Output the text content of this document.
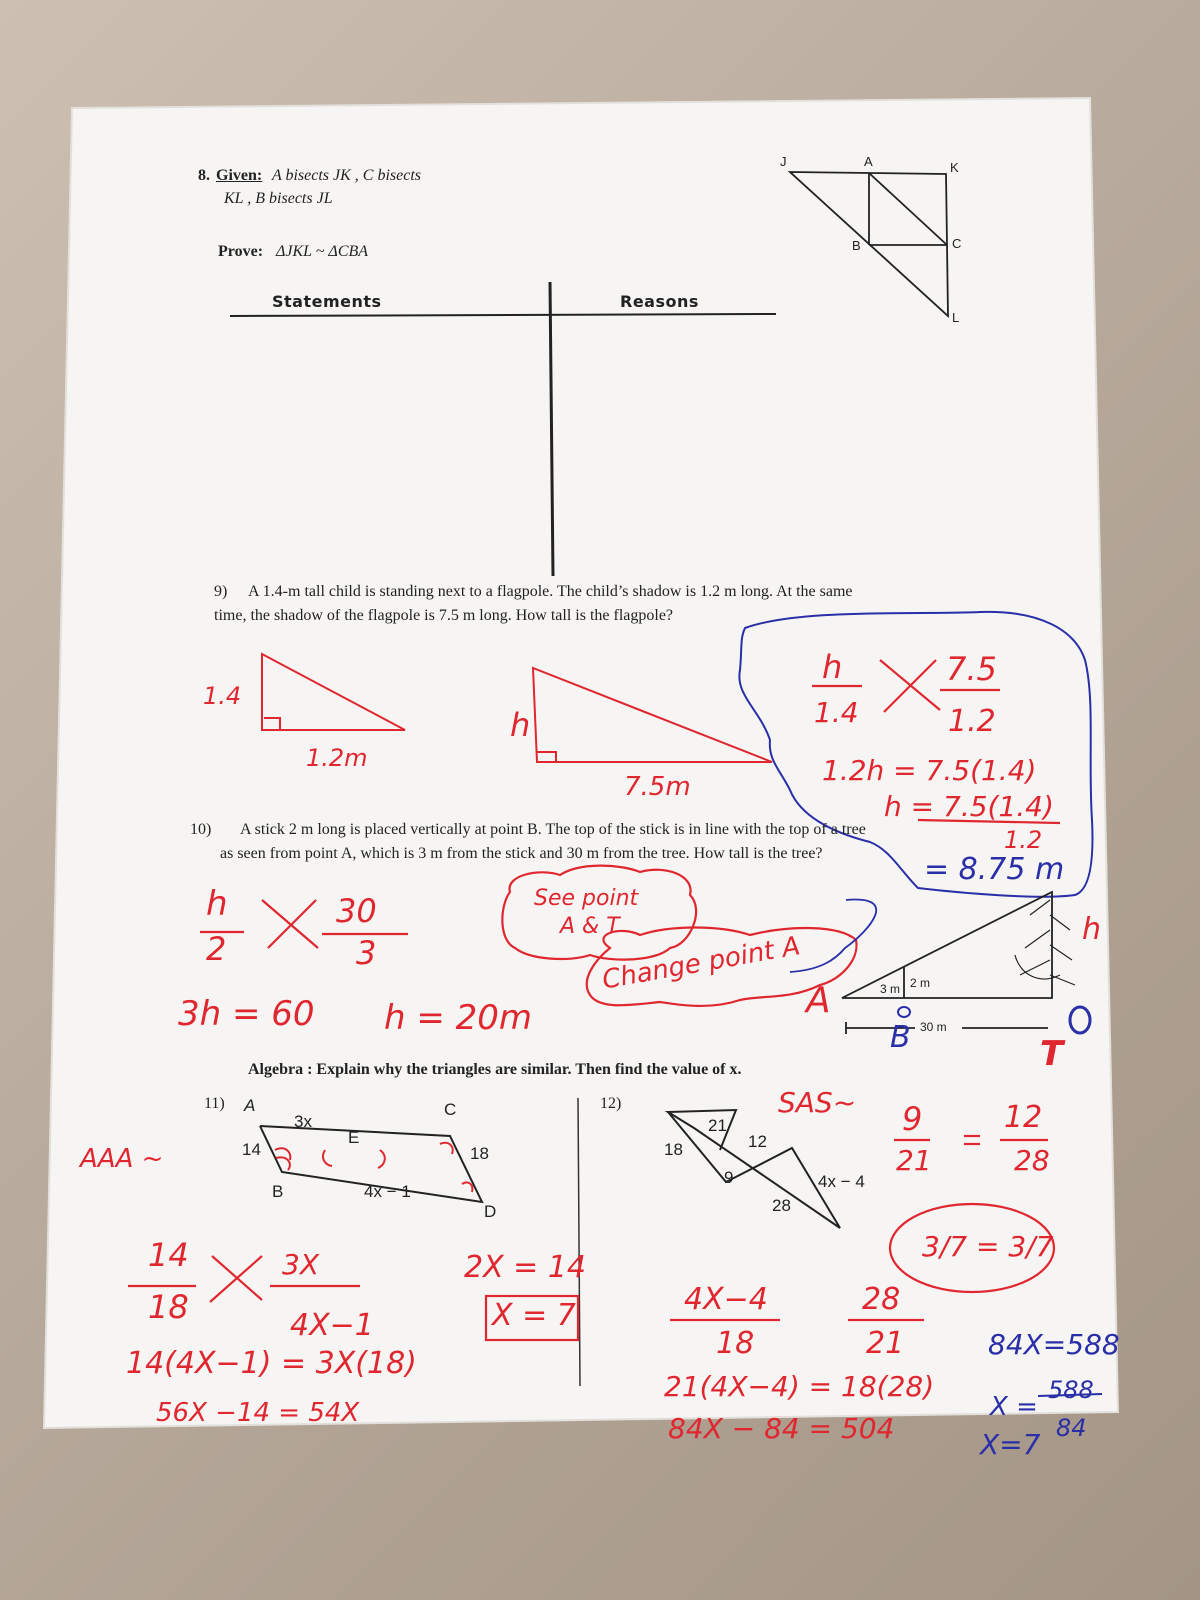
8. Given: A bisects JK , C bisects
KL , B bisects JL
Prove: ΔJKL ~ ΔCBA
Statements	Reasons
J	A	K
B	C
L
9) A 1.4-m tall child is standing next to a flagpole. The child’s shadow is 1.2 m long. At the same
time, the shadow of the flagpole is 7.5 m long. How tall is the flagpole?
1.4
1.2m
h
7.5m
h
1.4
7.5
1.2
1.2h = 7.5(1.4)
h = 7.5(1.4)
1.2
= 8.75 m
10) A stick 2 m long is placed vertically at point B. The top of the stick is in line with the top of a tree
as seen from point A, which is 3 m from the stick and 30 m from the tree. How tall is the tree?
3 m 2 m
30 m
h
2
30
3
3h = 60 h = 20m
See point
A & T
Change point A
A
B	T
h
Algebra : Explain why the triangles are similar. Then find the value of x.
11) A	C
E
B
D
3x
14	18
4x − 1
AAA ~
14
18
3X
4X−1
14(4X−1) = 3X(18)
56X −14 = 54X
2X = 14
X = 7
12)
18
21
12
9
28
4x − 4
SAS~ 9
21
12
28
3/7 = 3/7
4X−4
18
28
21
21(4X−4) = 18(28)
84X − 84 = 504
84X=588
X =
588
84
X=7
